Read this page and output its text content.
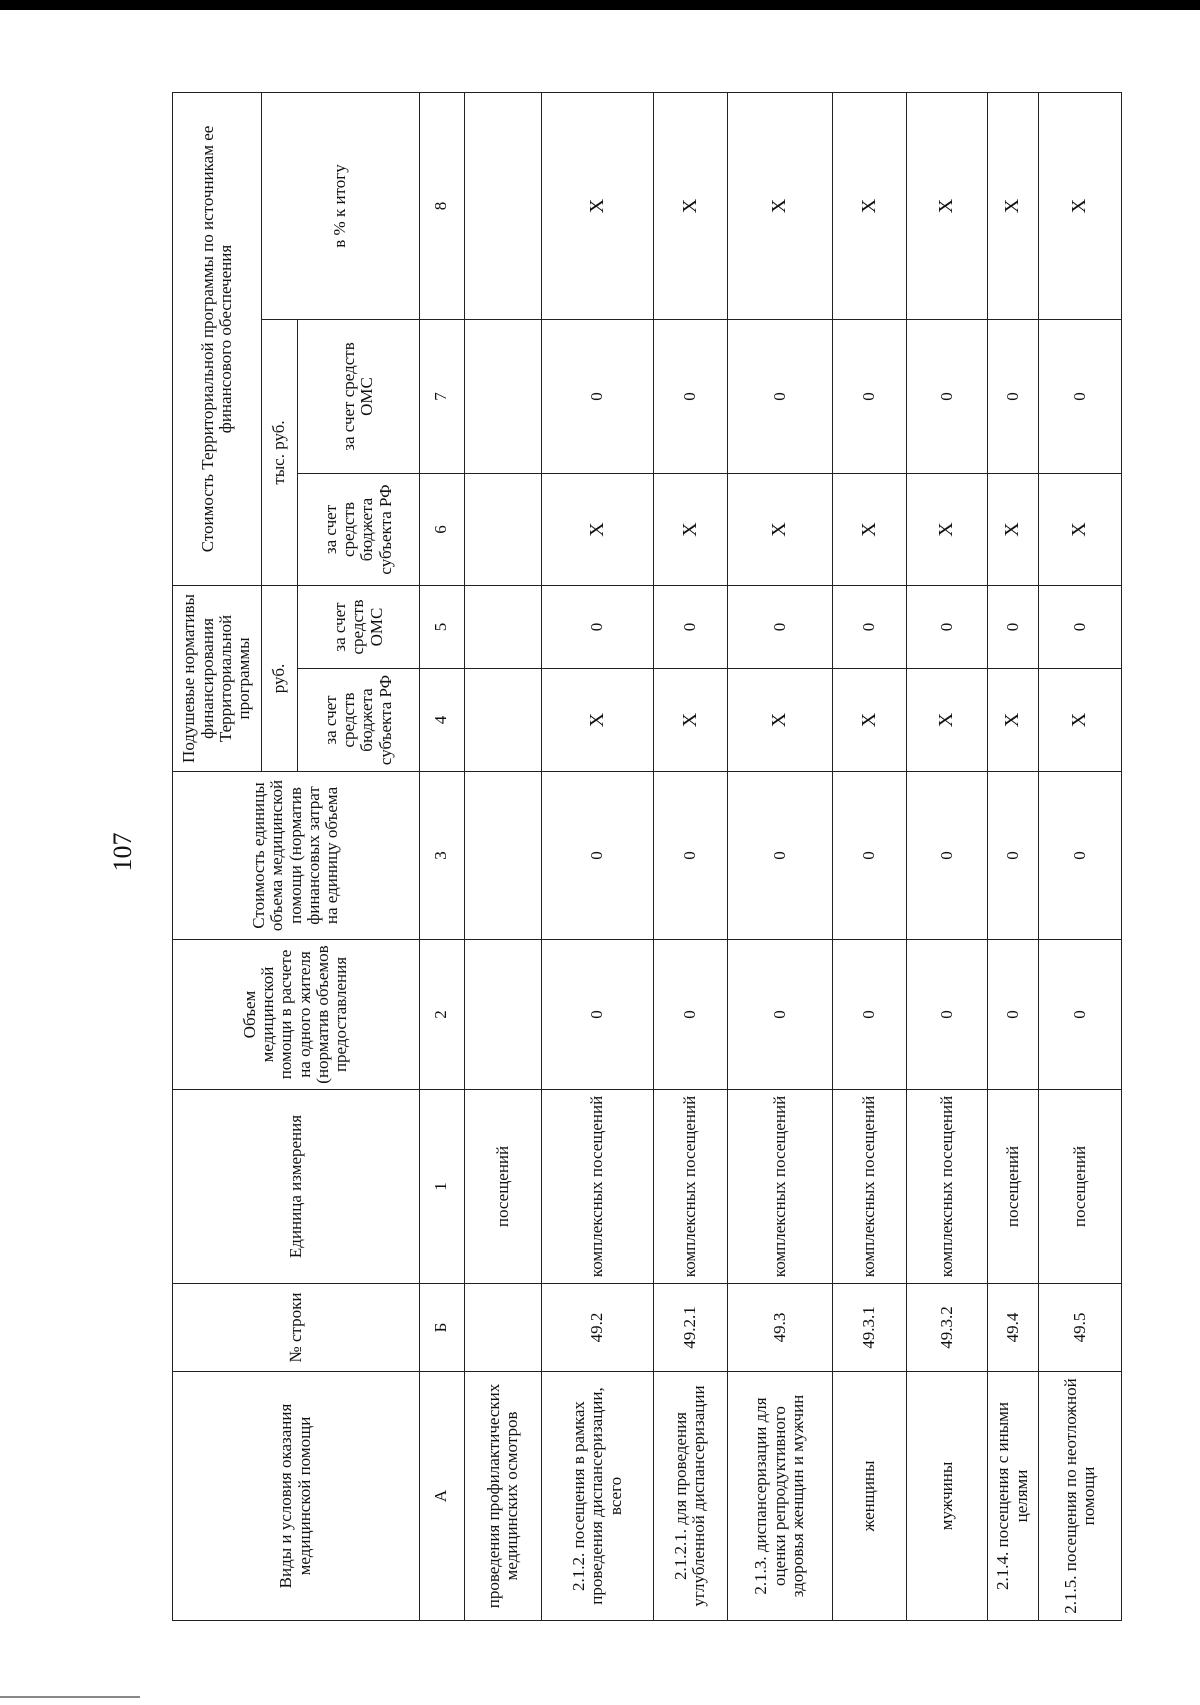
107
Виды и условия оказания медицинской помощи	№ строки	Единица измерения	Объем медицинской помощи в расчете на одного жителя (норматив объемов предоставления	Стоимость единицы объема медицинской помощи (норматив финансовых затрат на единицу объема	Подушевые нормативы финансирования Территориальной программы		Стоимость Территориальной программы по источникам ее финансового обеспечения		
					руб.		тыс. руб.		в % к итогу
					за счет средств бюджета субъекта РФ	за счет средств ОМС	за счет средств бюджета субъекта РФ	за счет средств ОМС	
А	Б	1	2	3	4	5	6	7	8
проведения профилактических медицинских осмотров		посещений							
2.1.2. посещения в рамках проведения диспансеризации, всего	49.2	комплексных посещений	0	0	X	0	X	0	X
2.1.2.1. для проведения углубленной диспансеризации	49.2.1	комплексных посещений	0	0	X	0	X	0	X
2.1.3. диспансеризации для оценки репродуктивного здоровья женщин и мужчин	49.3	комплексных посещений	0	0	X	0	X	0	X
женщины	49.3.1	комплексных посещений	0	0	X	0	X	0	X
мужчины	49.3.2	комплексных посещений	0	0	X	0	X	0	X
2.1.4. посещения с иными целями	49.4	посещений	0	0	X	0	X	0	X
2.1.5. посещения по неотложной помощи	49.5	посещений	0	0	X	0	X	0	X
